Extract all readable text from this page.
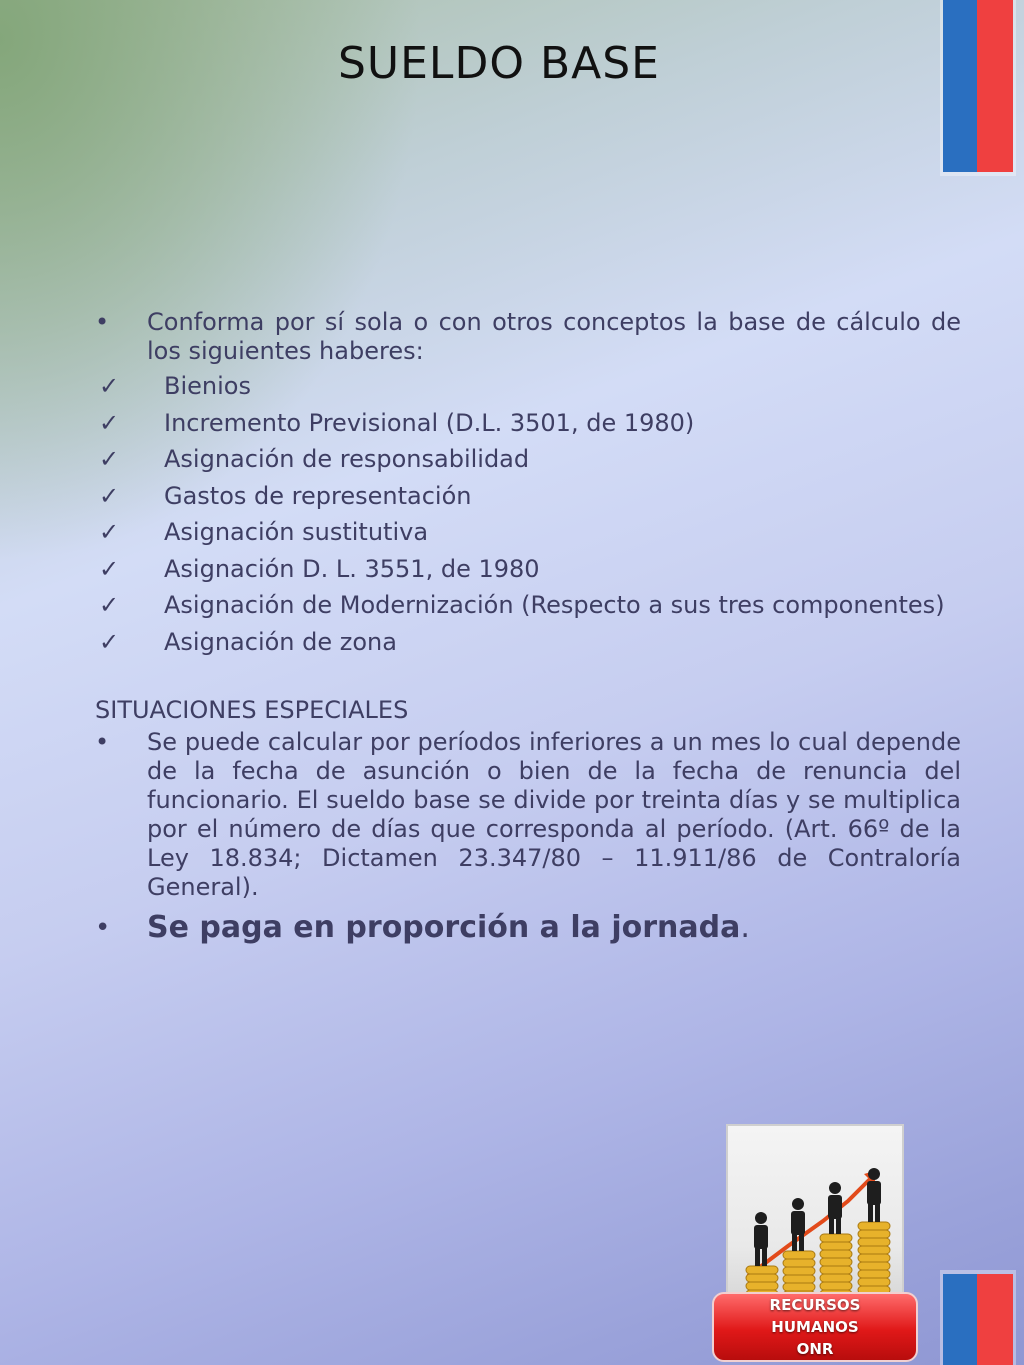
SUELDO BASE
• Conforma por sí sola o con otros conceptos la base de cálculo de los siguientes haberes:

✓ Bienios
✓ Incremento Previsional (D.L. 3501, de 1980)
✓ Asignación de responsabilidad
✓ Gastos de representación
✓ Asignación sustitutiva
✓ Asignación D. L. 3551, de 1980
✓ Asignación de Modernización (Respecto a sus tres componentes)
✓ Asignación de zona
SITUACIONES ESPECIALES
• Se puede calcular por períodos inferiores a un mes lo cual depende de la fecha de asunción o bien de la fecha de renuncia del funcionario. El sueldo base se divide por treinta días y se multiplica por el número de días que corresponda al período. (Art. 66º de la Ley 18.834; Dictamen 23.347/80 – 11.911/86 de Contraloría General).

• Se paga en proporción a la jornada.

RECURSOS
HUMANOS
ONR
